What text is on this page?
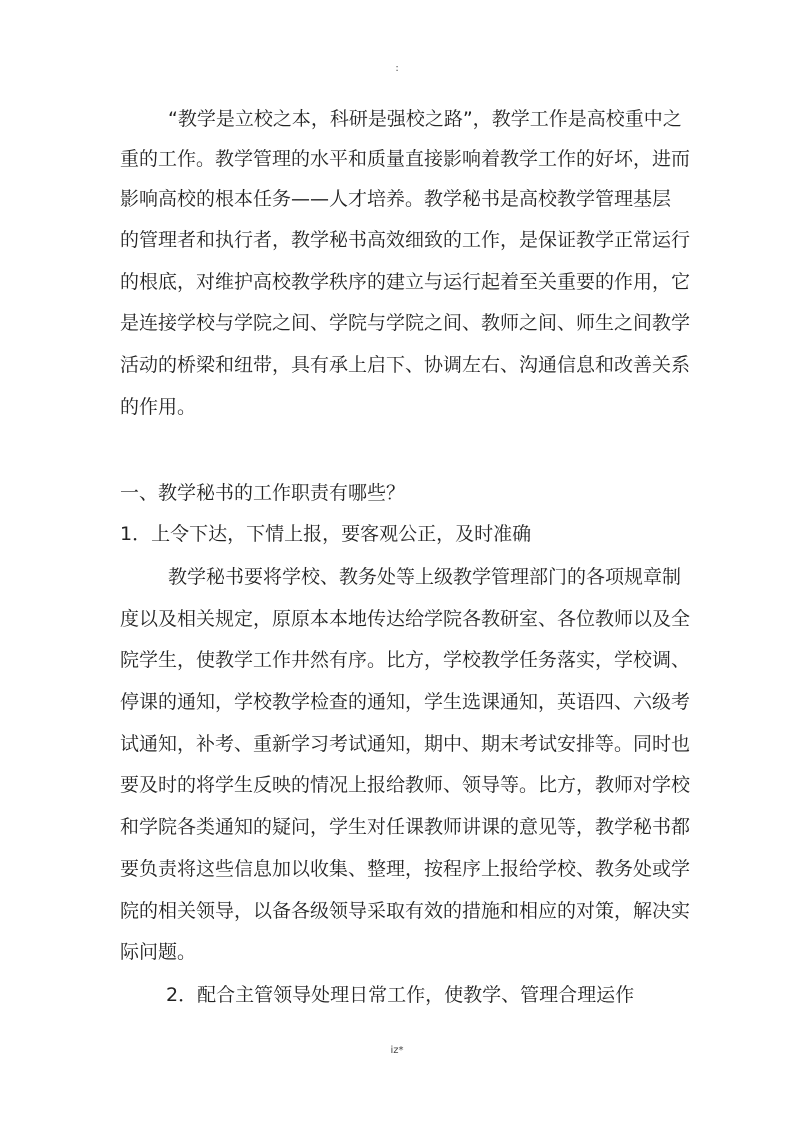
:
“教学是立校之本，科研是强校之路”，教学工作是高校重中之
重的工作。教学管理的水平和质量直接影响着教学工作的好坏，进而
影响高校的根本任务——人才培养。教学秘书是高校教学管理基层
的管理者和执行者，教学秘书高效细致的工作，是保证教学正常运行
的根底，对维护高校教学秩序的建立与运行起着至关重要的作用，它
是连接学校与学院之间、学院与学院之间、教师之间、师生之间教学
活动的桥梁和纽带，具有承上启下、协调左右、沟通信息和改善关系
的作用。
一、教学秘书的工作职责有哪些？
1．上令下达，下情上报，要客观公正，及时准确
教学秘书要将学校、教务处等上级教学管理部门的各项规章制
度以及相关规定，原原本本地传达给学院各教研室、各位教师以及全
院学生，使教学工作井然有序。比方，学校教学任务落实，学校调、
停课的通知，学校教学检查的通知，学生选课通知，英语四、六级考
试通知，补考、重新学习考试通知，期中、期末考试安排等。同时也
要及时的将学生反映的情况上报给教师、领导等。比方，教师对学校
和学院各类通知的疑问，学生对任课教师讲课的意见等，教学秘书都
要负责将这些信息加以收集、整理，按程序上报给学校、教务处或学
院的相关领导，以备各级领导采取有效的措施和相应的对策，解决实
际问题。
2．配合主管领导处理日常工作，使教学、管理合理运作
iz*
